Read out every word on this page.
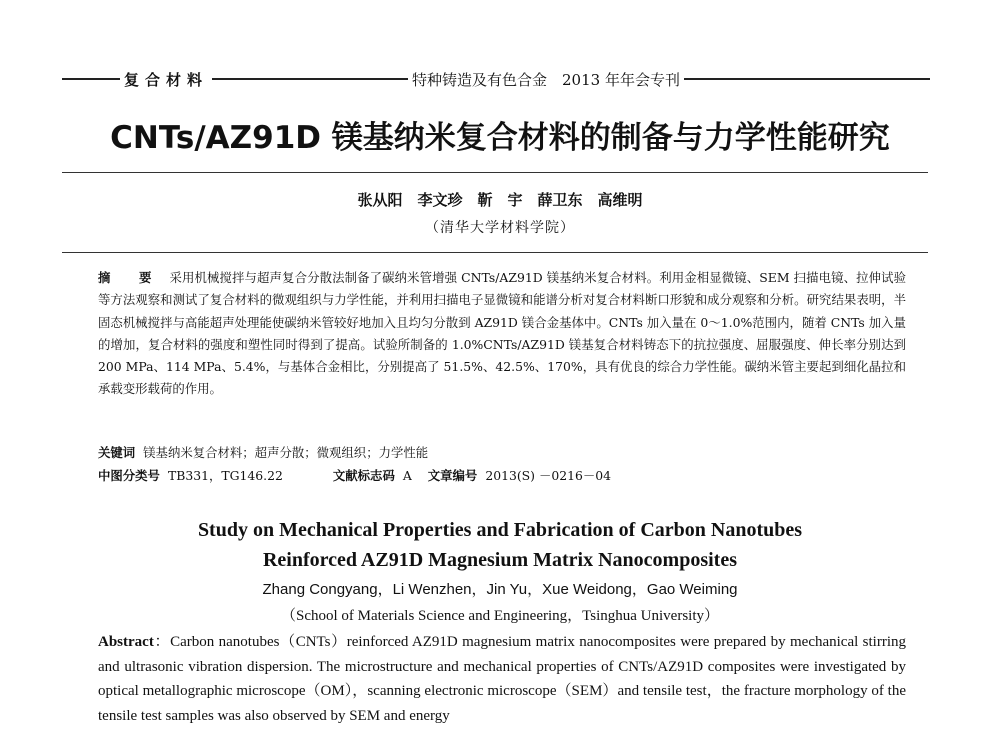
复合材料	特种铸造及有色合金　2013 年年会专刊
CNTs/AZ91D 镁基纳米复合材料的制备与力学性能研究
张从阳　李文珍　靳　宇　薛卫东　高维明
（清华大学材料学院）
摘　要 采用机械搅拌与超声复合分散法制备了碳纳米管增强 CNTs/AZ91D 镁基纳米复合材料。利用金相显微镜、SEM 扫描电镜、拉伸试验等方法观察和测试了复合材料的微观组织与力学性能，并利用扫描电子显微镜和能谱分析对复合材料断口形貌和成分观察和分析。研究结果表明，半固态机械搅拌与高能超声处理能使碳纳米管较好地加入且均匀分散到 AZ91D 镁合金基体中。CNTs 加入量在 0～1.0%范围内，随着 CNTs 加入量的增加，复合材料的强度和塑性同时得到了提高。试验所制备的 1.0%CNTs/AZ91D 镁基复合材料铸态下的抗拉强度、屈服强度、伸长率分别达到 200 MPa、114 MPa、5.4%，与基体合金相比，分别提高了 51.5%、42.5%、170%，具有优良的综合力学性能。碳纳米管主要起到细化晶拉和承载变形载荷的作用。
关键词 镁基纳米复合材料；超声分散；微观组织；力学性能
中图分类号 TB331，TG146.22	文献标志码 A 文章编号 2013(S) －0216－04
Study on Mechanical Properties and Fabrication of Carbon Nanotubes
Reinforced AZ91D Magnesium Matrix Nanocomposites
Zhang Congyang，Li Wenzhen，Jin Yu，Xue Weidong，Gao Weiming
（School of Materials Science and Engineering，Tsinghua University）
Abstract：Carbon nanotubes（CNTs）reinforced AZ91D magnesium matrix nanocomposites were prepared by mechanical stirring and ultrasonic vibration dispersion. The microstructure and mechanical properties of CNTs/AZ91D composites were investigated by optical metallographic microscope（OM），scanning electronic microscope（SEM）and tensile test，the fracture morphology of the tensile test samples was also observed by SEM and energy
